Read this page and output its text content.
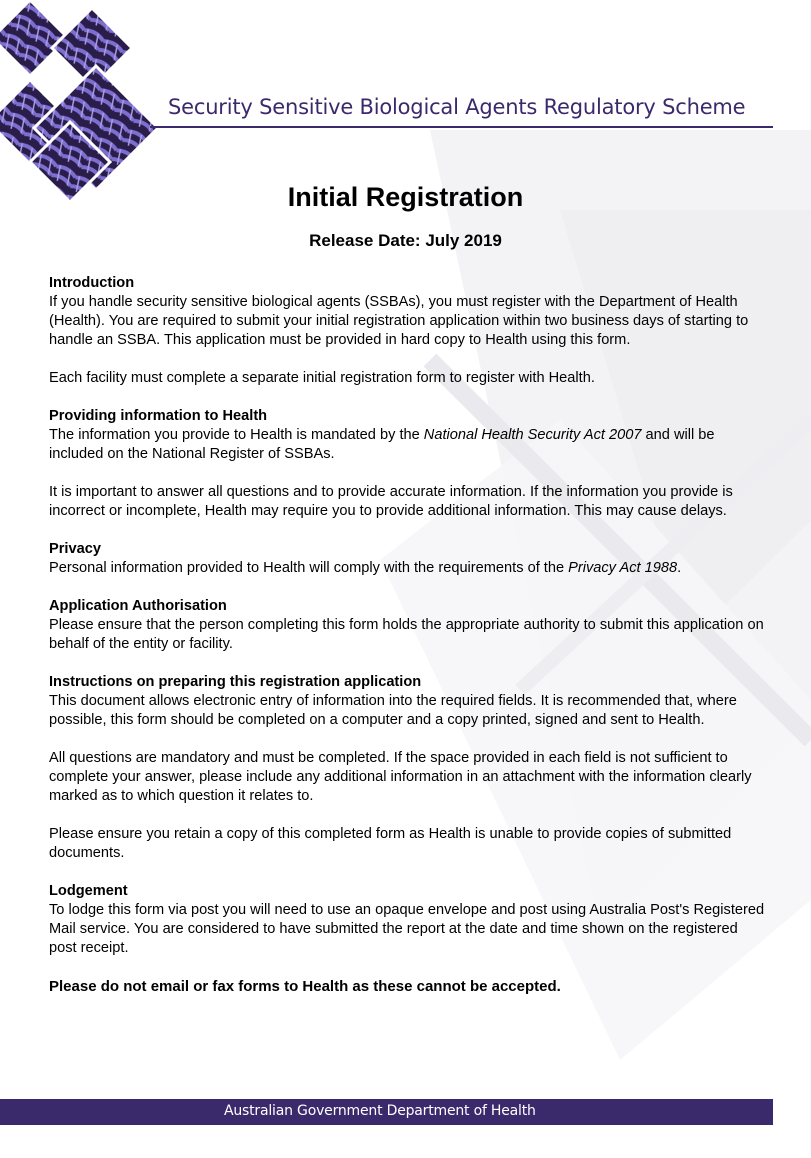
Security Sensitive Biological Agents Regulatory Scheme
Initial Registration
Release Date: July 2019
Introduction

If you handle security sensitive biological agents (SSBAs), you must register with the Department of Health (Health). You are required to submit your initial registration application within two business days of starting to handle an SSBA. This application must be provided in hard copy to Health using this form.

Each facility must complete a separate initial registration form to register with Health.

Providing information to Health

The information you provide to Health is mandated by the National Health Security Act 2007 and will be included on the National Register of SSBAs.

It is important to answer all questions and to provide accurate information. If the information you provide is incorrect or incomplete, Health may require you to provide additional information. This may cause delays.

Privacy

Personal information provided to Health will comply with the requirements of the Privacy Act 1988.

Application Authorisation

Please ensure that the person completing this form holds the appropriate authority to submit this application on behalf of the entity or facility.

Instructions on preparing this registration application

This document allows electronic entry of information into the required fields. It is recommended that, where possible, this form should be completed on a computer and a copy printed, signed and sent to Health.

All questions are mandatory and must be completed. If the space provided in each field is not sufficient to complete your answer, please include any additional information in an attachment with the information clearly marked as to which question it relates to.

Please ensure you retain a copy of this completed form as Health is unable to provide copies of submitted documents.

Lodgement

To lodge this form via post you will need to use an opaque envelope and post using Australia Post's Registered Mail service. You are considered to have submitted the report at the date and time shown on the registered post receipt.

Please do not email or fax forms to Health as these cannot be accepted.

Australian Government Department of Health
